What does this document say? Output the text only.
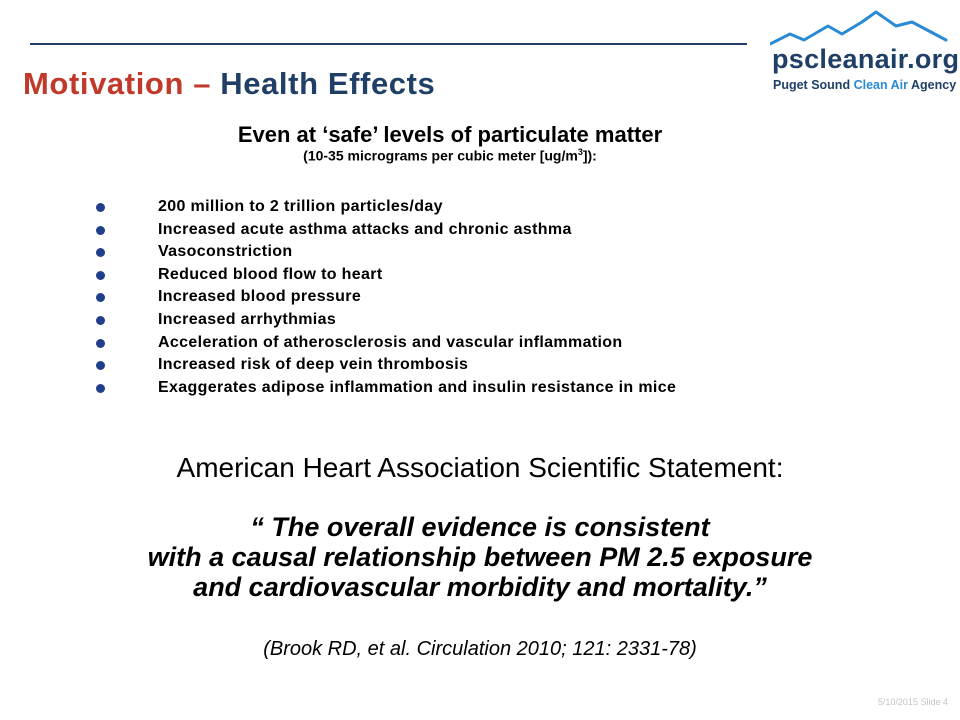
Motivation – Health Effects
pscleanair.org
Puget Sound Clean Air Agency
Even at ‘safe’ levels of particulate matter
(10-35 micrograms per cubic meter $[ug/m^3]$):
200 million to 2 trillion particles/day
Increased acute asthma attacks and chronic asthma
Vasoconstriction
Reduced blood flow to heart
Increased blood pressure
Increased arrhythmias
Acceleration of atherosclerosis and vascular inflammation
Increased risk of deep vein thrombosis
Exaggerates adipose inflammation and insulin resistance in mice
American Heart Association Scientific Statement:
“ The overall evidence is consistent
with a causal relationship between PM 2.5 exposure
and cardiovascular morbidity and mortality.”
(Brook RD, et al. Circulation 2010; 121: 2331-78)
5/10/2015 Slide 4
